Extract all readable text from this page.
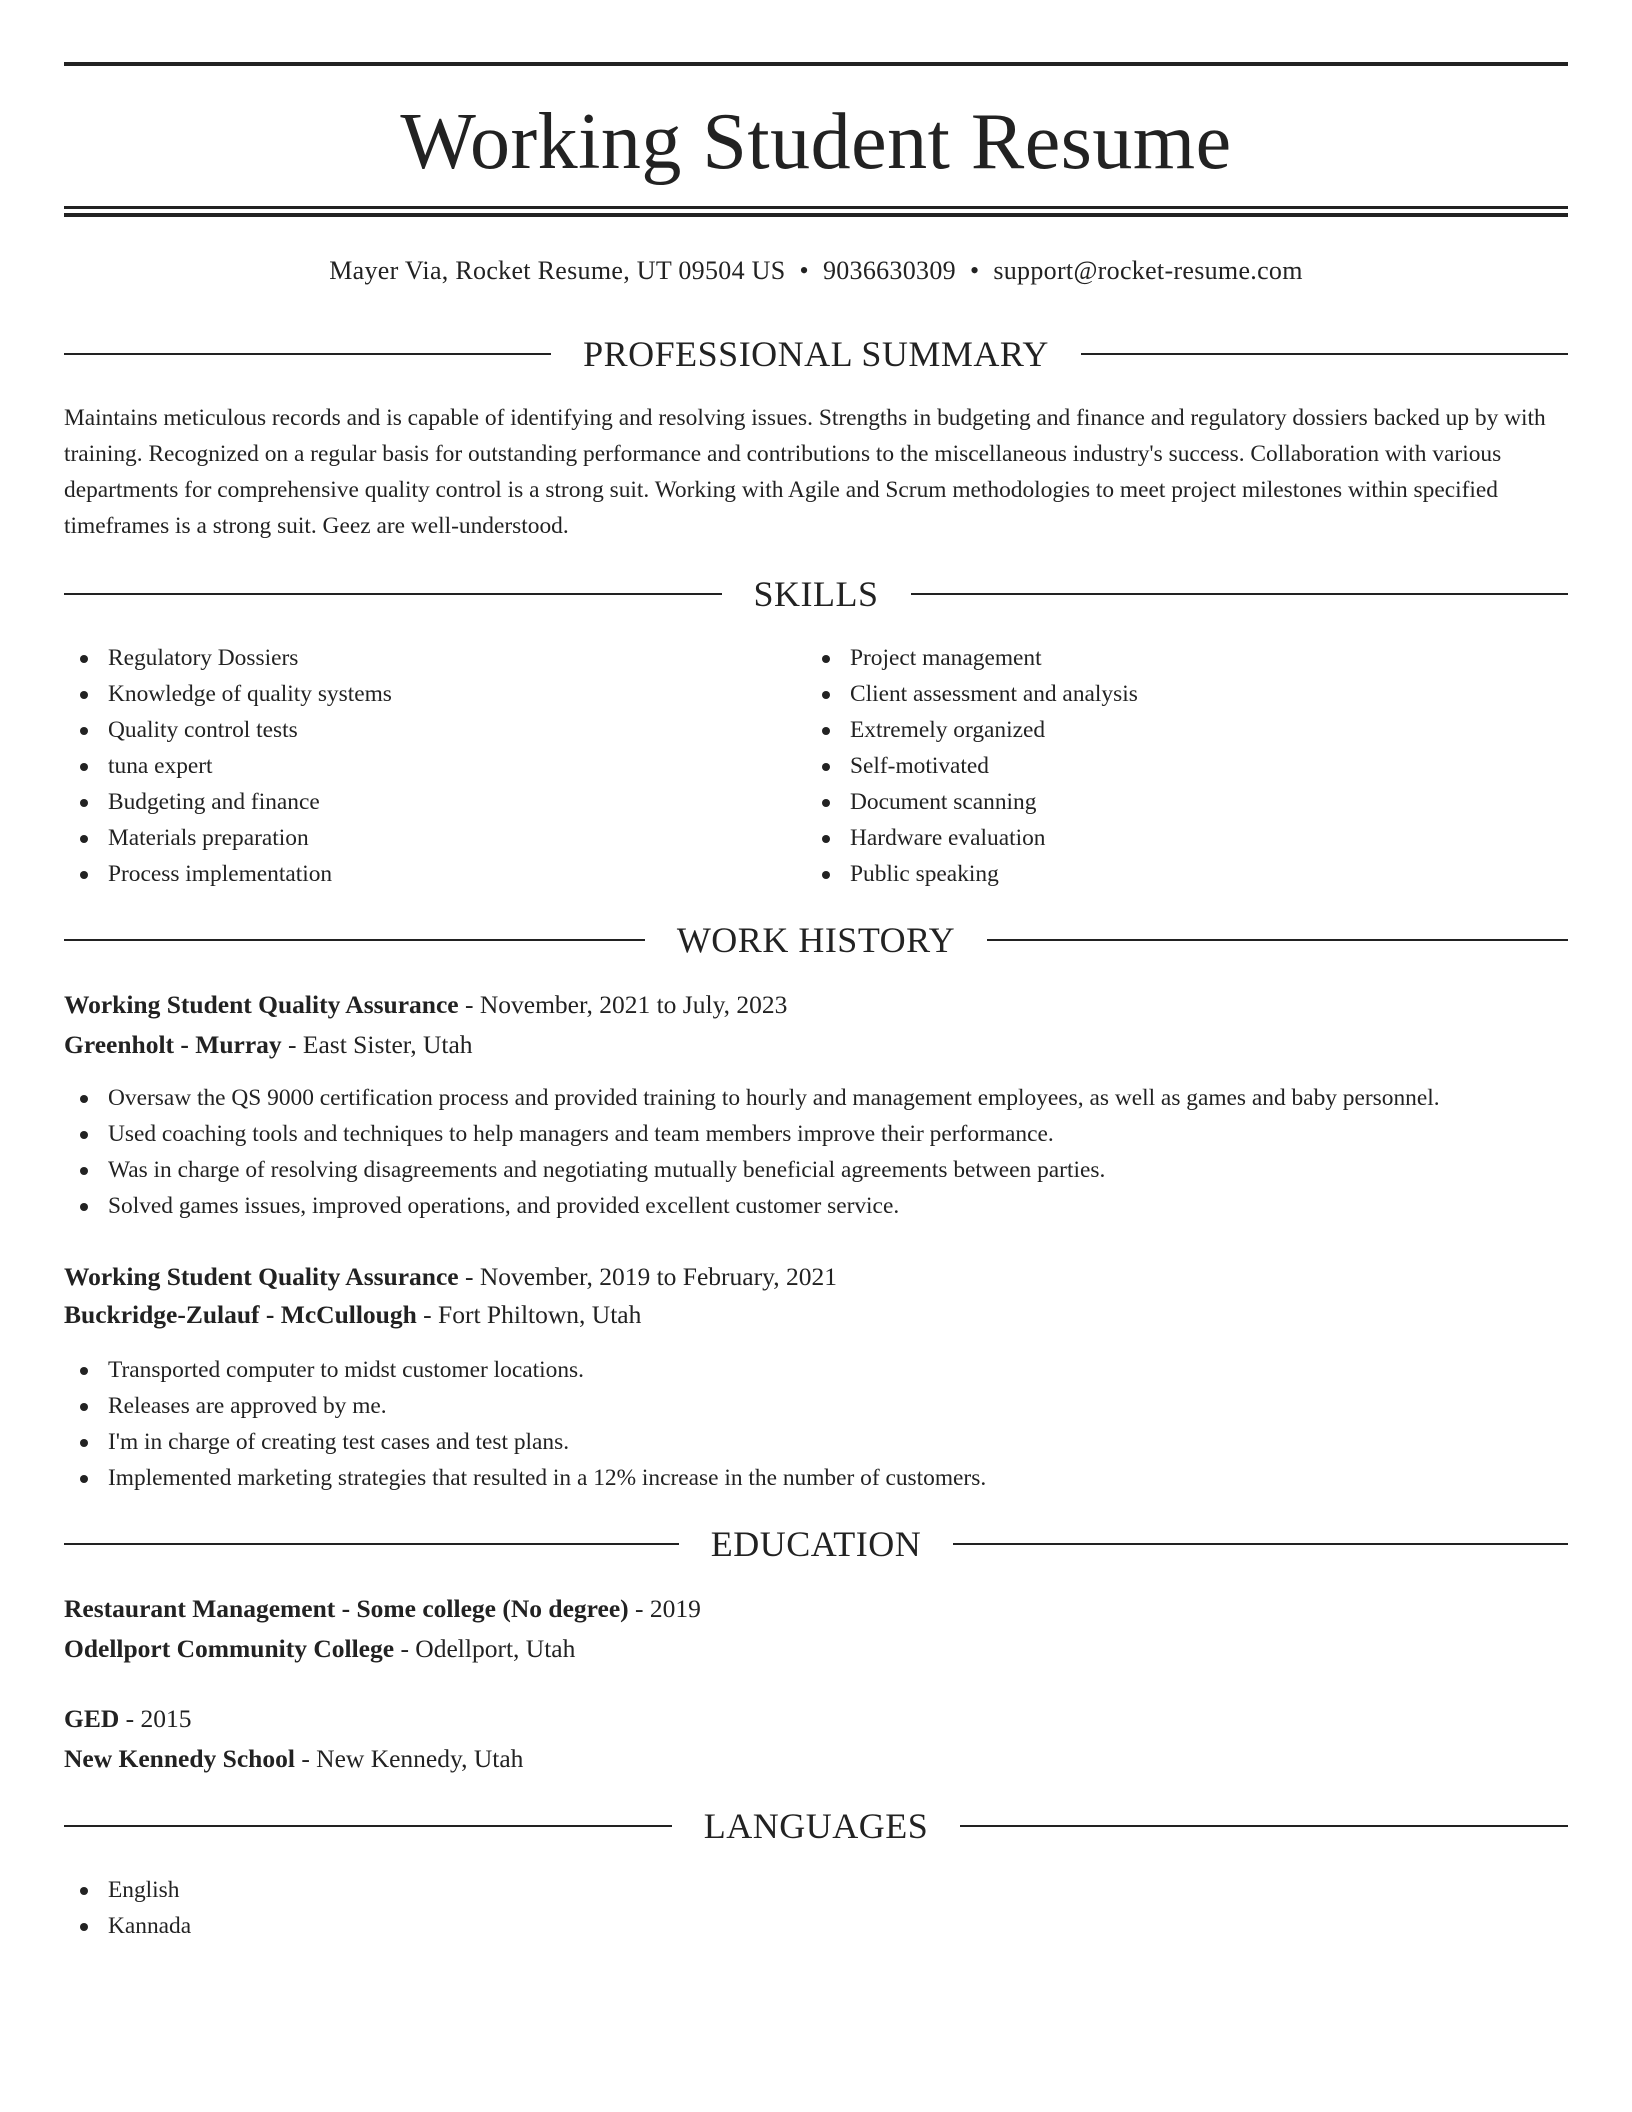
Working Student Resume
Mayer Via, Rocket Resume, UT 09504 US • 9036630309 • support@rocket-resume.com
PROFESSIONAL SUMMARY

Maintains meticulous records and is capable of identifying and resolving issues. Strengths in budgeting and finance and regulatory dossiers backed up by with training. Recognized on a regular basis for outstanding performance and contributions to the miscellaneous industry's success. Collaboration with various departments for comprehensive quality control is a strong suit. Working with Agile and Scrum methodologies to meet project milestones within specified timeframes is a strong suit. Geez are well-understood.

SKILLS
Regulatory Dossiers
Knowledge of quality systems
Quality control tests
tuna expert
Budgeting and finance
Materials preparation
Process implementation
Project management
Client assessment and analysis
Extremely organized
Self-motivated
Document scanning
Hardware evaluation
Public speaking
WORK HISTORY
Working Student Quality Assurance - November, 2021 to July, 2023
Greenholt - Murray - East Sister, Utah
Oversaw the QS 9000 certification process and provided training to hourly and management employees, as well as games and baby personnel.
Used coaching tools and techniques to help managers and team members improve their performance.
Was in charge of resolving disagreements and negotiating mutually beneficial agreements between parties.
Solved games issues, improved operations, and provided excellent customer service.
Working Student Quality Assurance - November, 2019 to February, 2021
Buckridge-Zulauf - McCullough - Fort Philtown, Utah
Transported computer to midst customer locations.
Releases are approved by me.
I'm in charge of creating test cases and test plans.
Implemented marketing strategies that resulted in a 12% increase in the number of customers.
EDUCATION
Restaurant Management - Some college (No degree) - 2019
Odellport Community College - Odellport, Utah
GED - 2015
New Kennedy School - New Kennedy, Utah
LANGUAGES
English
Kannada
